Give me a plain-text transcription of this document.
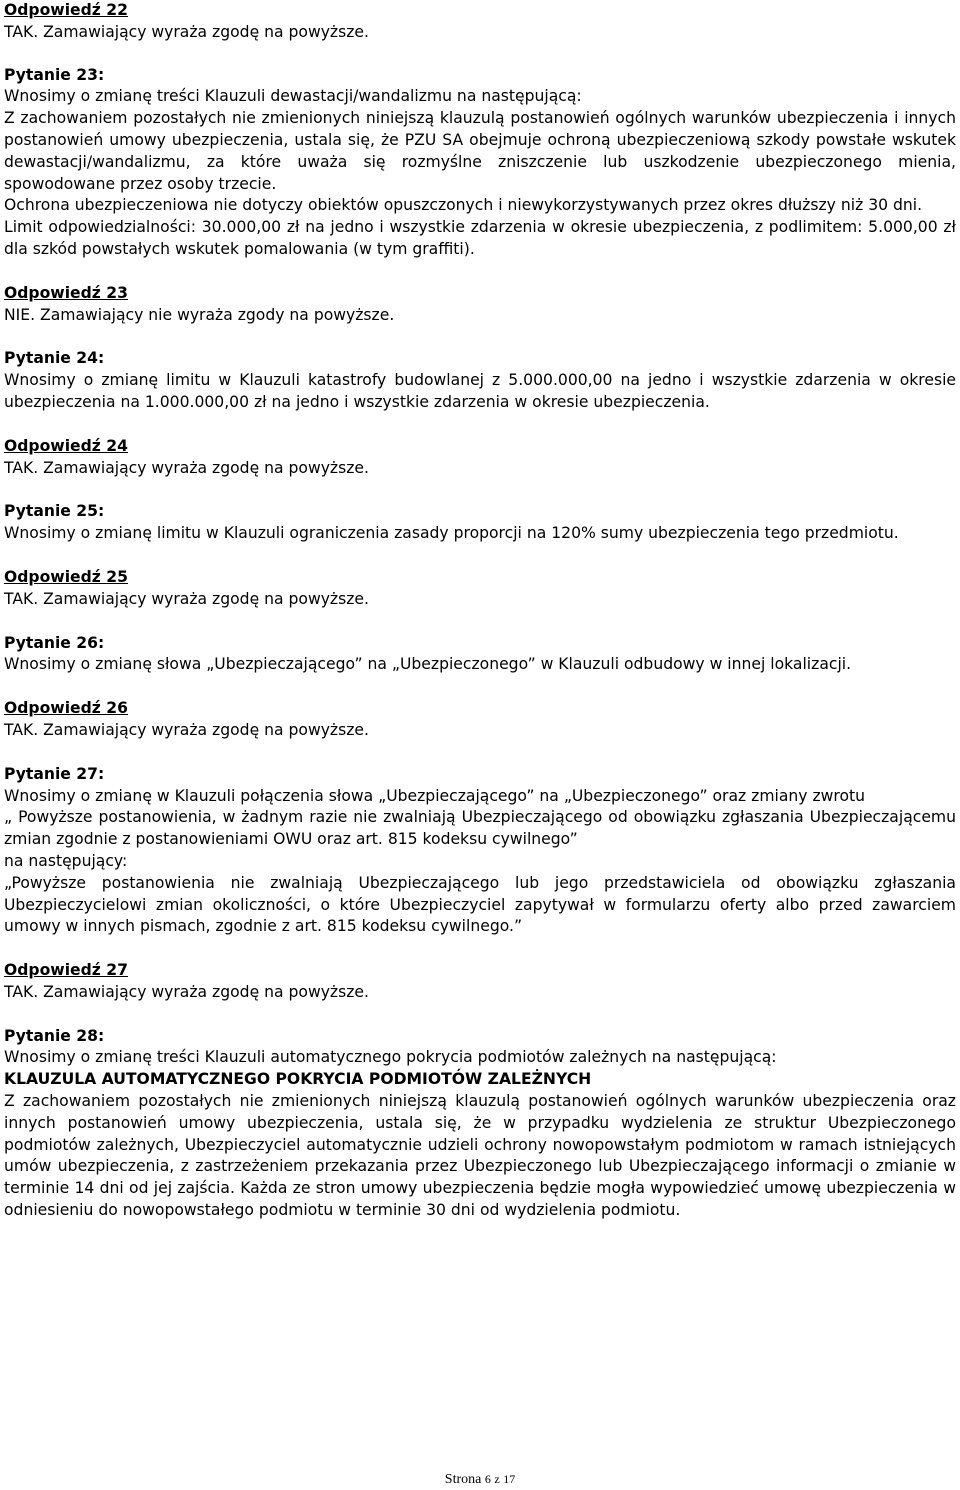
Odpowiedź 22
TAK. Zamawiający wyraża zgodę na powyższe.
Pytanie 23:
Wnosimy o zmianę treści Klauzuli dewastacji/wandalizmu na następującą:
Z zachowaniem pozostałych nie zmienionych niniejszą klauzulą postanowień ogólnych warunków ubezpieczenia i innych postanowień umowy ubezpieczenia, ustala się, że PZU SA obejmuje ochroną ubezpieczeniową szkody powstałe wskutek dewastacji/wandalizmu, za które uważa się rozmyślne zniszczenie lub uszkodzenie ubezpieczonego mienia, spowodowane przez osoby trzecie.
Ochrona ubezpieczeniowa nie dotyczy obiektów opuszczonych i niewykorzystywanych przez okres dłuższy niż 30 dni.
Limit odpowiedzialności: 30.000,00 zł na jedno i wszystkie zdarzenia w okresie ubezpieczenia, z podlimitem: 5.000,00 zł dla szkód powstałych wskutek pomalowania (w tym graffiti).
Odpowiedź 23
NIE. Zamawiający nie wyraża zgody na powyższe.
Pytanie 24:
Wnosimy o zmianę limitu w Klauzuli katastrofy budowlanej z 5.000.000,00 na jedno i wszystkie zdarzenia w okresie ubezpieczenia na 1.000.000,00 zł na jedno i wszystkie zdarzenia w okresie ubezpieczenia.
Odpowiedź 24
TAK. Zamawiający wyraża zgodę na powyższe.
Pytanie 25:
Wnosimy o zmianę limitu w Klauzuli ograniczenia zasady proporcji na 120% sumy ubezpieczenia tego przedmiotu.
Odpowiedź 25
TAK. Zamawiający wyraża zgodę na powyższe.
Pytanie 26:
Wnosimy o zmianę słowa „Ubezpieczającego” na „Ubezpieczonego” w Klauzuli odbudowy w innej lokalizacji.
Odpowiedź 26
TAK. Zamawiający wyraża zgodę na powyższe.
Pytanie 27:
Wnosimy o zmianę w Klauzuli połączenia słowa „Ubezpieczającego” na „Ubezpieczonego” oraz zmiany zwrotu
„ Powyższe postanowienia, w żadnym razie nie zwalniają Ubezpieczającego od obowiązku zgłaszania Ubezpieczającemu zmian zgodnie z postanowieniami OWU oraz art. 815 kodeksu cywilnego”
na następujący:
„Powyższe postanowienia nie zwalniają Ubezpieczającego lub jego przedstawiciela od obowiązku zgłaszania Ubezpieczycielowi zmian okoliczności, o które Ubezpieczyciel zapytywał w formularzu oferty albo przed zawarciem umowy w innych pismach, zgodnie z art. 815 kodeksu cywilnego.”
Odpowiedź 27
TAK. Zamawiający wyraża zgodę na powyższe.
Pytanie 28:
Wnosimy o zmianę treści Klauzuli automatycznego pokrycia podmiotów zależnych na następującą:
KLAUZULA AUTOMATYCZNEGO POKRYCIA PODMIOTÓW ZALEŻNYCH
Z zachowaniem pozostałych nie zmienionych niniejszą klauzulą postanowień ogólnych warunków ubezpieczenia oraz innych postanowień umowy ubezpieczenia, ustala się, że w przypadku wydzielenia ze struktur Ubezpieczonego podmiotów zależnych, Ubezpieczyciel automatycznie udzieli ochrony nowopowstałym podmiotom w ramach istniejących umów ubezpieczenia, z zastrzeżeniem przekazania przez Ubezpieczonego lub Ubezpieczającego informacji o zmianie w terminie 14 dni od jej zajścia. Każda ze stron umowy ubezpieczenia będzie mogła wypowiedzieć umowę ubezpieczenia w odniesieniu do nowopowstałego podmiotu w terminie 30 dni od wydzielenia podmiotu.
Strona 6 z 17
